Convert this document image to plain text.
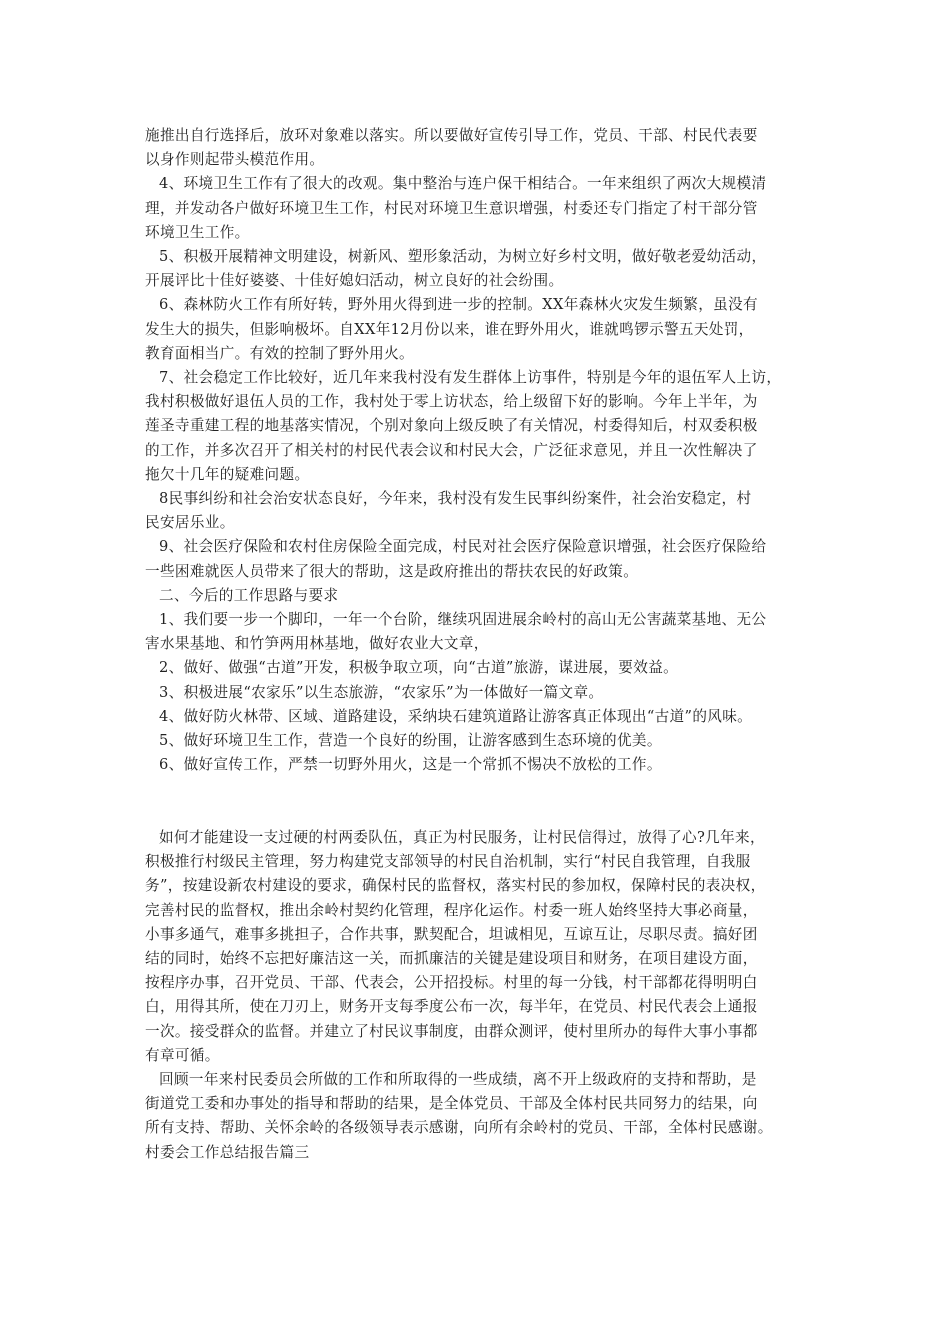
施推出自行选择后，放环对象难以落实。所以要做好宣传引导工作，党员、干部、村民代表要
以身作则起带头模范作用。
4、环境卫生工作有了很大的改观。集中整治与连户保干相结合。一年来组织了两次大规模清
理，并发动各户做好环境卫生工作，村民对环境卫生意识增强，村委还专门指定了村干部分管
环境卫生工作。
5、积极开展精神文明建设，树新风、塑形象活动，为树立好乡村文明，做好敬老爱幼活动，
开展评比十佳好婆婆、十佳好媳妇活动，树立良好的社会纷围。
6、森林防火工作有所好转，野外用火得到进一步的控制。XX年森林火灾发生频繁，虽没有
发生大的损失，但影响极坏。自XX年12月份以来，谁在野外用火，谁就鸣锣示警五天处罚，
教育面相当广。有效的控制了野外用火。
7、社会稳定工作比较好，近几年来我村没有发生群体上访事件，特别是今年的退伍军人上访，
我村积极做好退伍人员的工作，我村处于零上访状态，给上级留下好的影响。今年上半年，为
莲圣寺重建工程的地基落实情况，个别对象向上级反映了有关情况，村委得知后，村双委积极
的工作，并多次召开了相关村的村民代表会议和村民大会，广泛征求意见，并且一次性解决了
拖欠十几年的疑难问题。
8民事纠纷和社会治安状态良好，今年来，我村没有发生民事纠纷案件，社会治安稳定，村
民安居乐业。
9、社会医疗保险和农村住房保险全面完成，村民对社会医疗保险意识增强，社会医疗保险给
一些困难就医人员带来了很大的帮助，这是政府推出的帮扶农民的好政策。
二、今后的工作思路与要求
1、我们要一步一个脚印，一年一个台阶，继续巩固进展余岭村的高山无公害蔬菜基地、无公
害水果基地、和竹笋两用林基地，做好农业大文章，
2、做好、做强“古道”开发，积极争取立项，向“古道”旅游，谋进展，要效益。
3、积极进展“农家乐”以生态旅游，“农家乐”为一体做好一篇文章。
4、做好防火林带、区域、道路建设，采纳块石建筑道路让游客真正体现出“古道”的风味。
5、做好环境卫生工作，营造一个良好的纷围，让游客感到生态环境的优美。
6、做好宣传工作，严禁一切野外用火，这是一个常抓不惕决不放松的工作。
如何才能建设一支过硬的村两委队伍，真正为村民服务，让村民信得过，放得了心?几年来，
积极推行村级民主管理，努力构建党支部领导的村民自治机制，实行“村民自我管理，自我服
务”，按建设新农村建设的要求，确保村民的监督权，落实村民的参加权，保障村民的表决权，
完善村民的监督权，推出余岭村契约化管理，程序化运作。村委一班人始终坚持大事必商量，
小事多通气，难事多挑担子，合作共事，默契配合，坦诚相见，互谅互让，尽职尽责。搞好团
结的同时，始终不忘把好廉洁这一关，而抓廉洁的关键是建设项目和财务，在项目建设方面，
按程序办事，召开党员、干部、代表会，公开招投标。村里的每一分钱，村干部都花得明明白
白，用得其所，使在刀刃上，财务开支每季度公布一次，每半年，在党员、村民代表会上通报
一次。接受群众的监督。并建立了村民议事制度，由群众测评，使村里所办的每件大事小事都
有章可循。
回顾一年来村民委员会所做的工作和所取得的一些成绩，离不开上级政府的支持和帮助，是
街道党工委和办事处的指导和帮助的结果，是全体党员、干部及全体村民共同努力的结果，向
所有支持、帮助、关怀余岭的各级领导表示感谢，向所有余岭村的党员、干部，全体村民感谢。
村委会工作总结报告篇三
